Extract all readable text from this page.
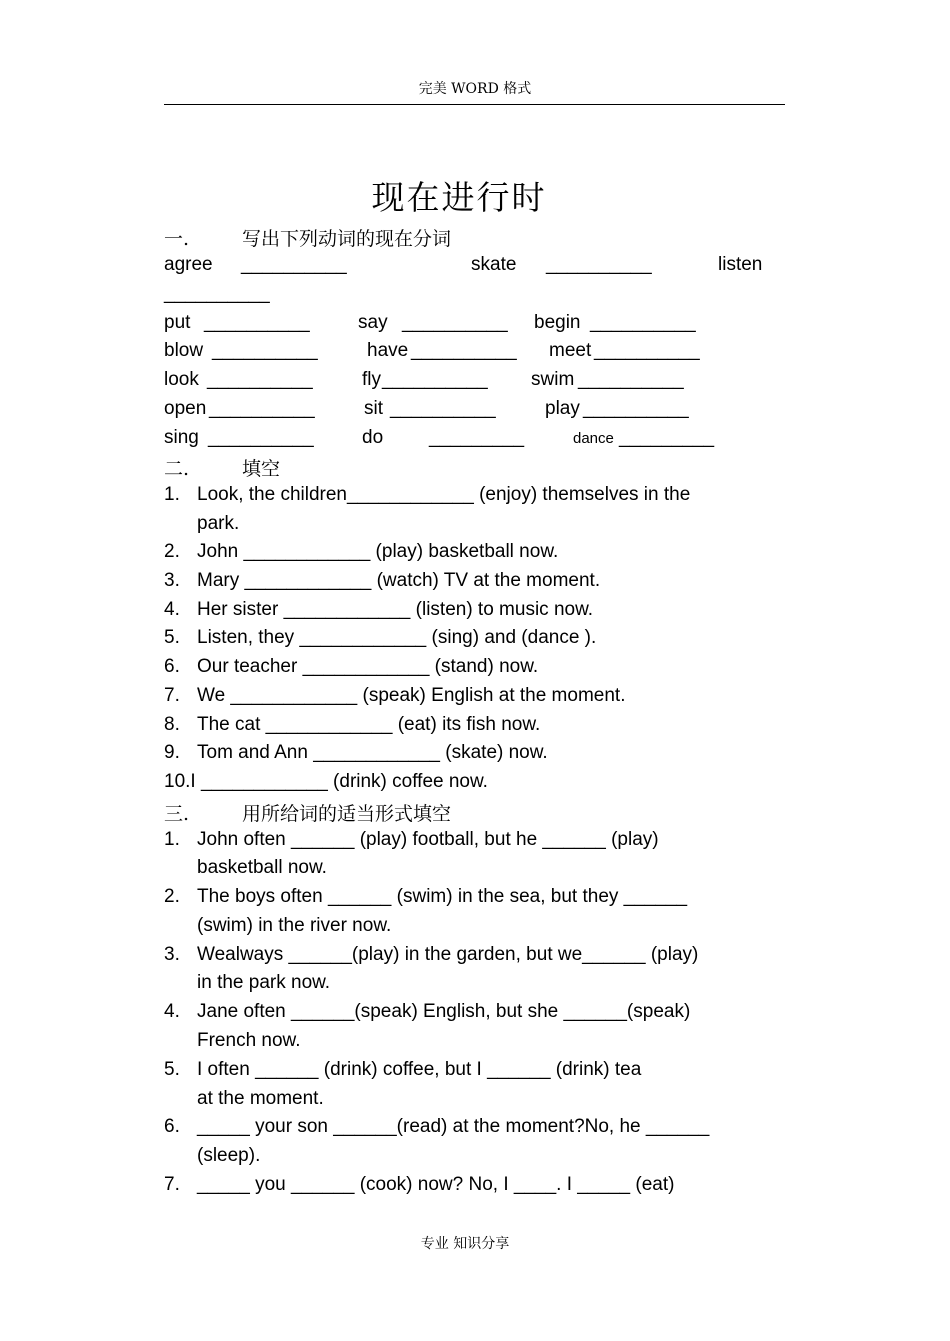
完美 WORD 格式
现在进行时
一.	写出下列动词的现在分词
agree __________	skate __________	listen
__________
put __________	say __________ begin __________
blow __________	have __________ meet __________
look __________	fly __________ swim __________
open __________	sit __________	play __________
sing __________	do _________	dance _________
二.	填空
1. Look, the children____________ (enjoy) themselves in the
park.
2. John ____________ (play) basketball now.
3. Mary ____________ (watch) TV at the moment.
4. Her sister ____________ (listen) to music now.
5. Listen, they ____________ (sing) and (dance ).
6. Our teacher ____________ (stand) now.
7. We ____________ (speak) English at the moment.
8. The cat ____________ (eat) its fish now.
9. Tom and Ann ____________ (skate) now.
10.I ____________ (drink) coffee now.
三.	用所给词的适当形式填空
1. John often ______ (play) football, but he ______ (play)
basketball now.
2. The boys often ______ (swim) in the sea, but they ______
(swim) in the river now.
3. Wealways ______(play) in the garden, but we______ (play)
in the park now.
4. Jane often ______(speak) English, but she ______(speak)
French now.
5. I often ______ (drink) coffee, but I ______ (drink) tea
at the moment.
6. _____ your son ______(read) at the moment?No, he ______
(sleep).
7. _____ you ______ (cook) now? No, I ____. I _____ (eat)
专业 知识分享
